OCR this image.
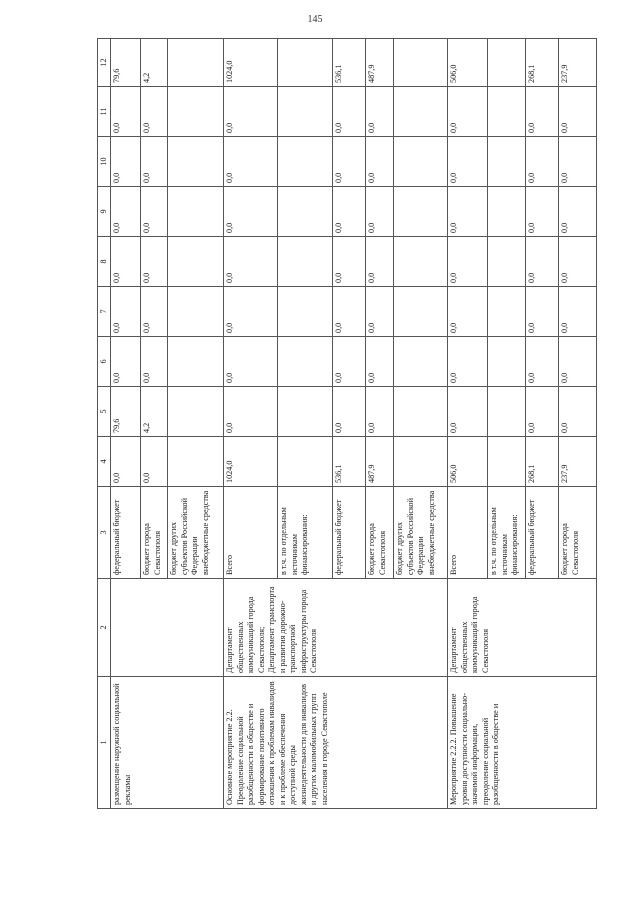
145
1	2	3	4	5	6	7	8	9	10	11	12
размещение наружной социальной рекламы		федеральный бюджет	0,0	79,6	0,0	0,0	0,0	0,0	0,0	0,0	79,6
		бюджет города Севастополя	0,0	4,2	0,0	0,0	0,0	0,0	0,0	0,0	4,2
		бюджет других субъектов Российской Федерации внебюджетные средства									
Основное мероприятие 2.2. Преодоление социальной разобщенности в обществе и формирование позитивного отношения к проблемам инвалидов и к проблеме обеспечения доступной среды жизнедеятельности для инвалидов и других маломобильных групп населения в городе Севастополе	Департамент общественных коммуникаций города Севастополя; Департамент транспорта и развития дорожно-транспортной инфраструктуры города Севастополя	Всего	1024,0	0,0	0,0	0,0	0,0	0,0	0,0	0,0	1024,0
		в т.ч. по отдельным источникам финансирования:									
		федеральный бюджет	536,1	0,0	0,0	0,0	0,0	0,0	0,0	0,0	536,1
		бюджет города Севастополя	487,9	0,0	0,0	0,0	0,0	0,0	0,0	0,0	487,9
		бюджет других субъектов Российской Федерации внебюджетные средства									
Мероприятие 2.2.2. Повышение уровня доступности социально-значимой информации, преодоление социальной разобщенности в обществе и	Департамент общественных коммуникаций города Севастополя	Всего	506,0	0,0	0,0	0,0	0,0	0,0	0,0	0,0	506,0
		в т.ч. по отдельным источникам финансирования:									
		федеральный бюджет	268,1	0,0	0,0	0,0	0,0	0,0	0,0	0,0	268,1
		бюджет города Севастополя	237,9	0,0	0,0	0,0	0,0	0,0	0,0	0,0	237,9
